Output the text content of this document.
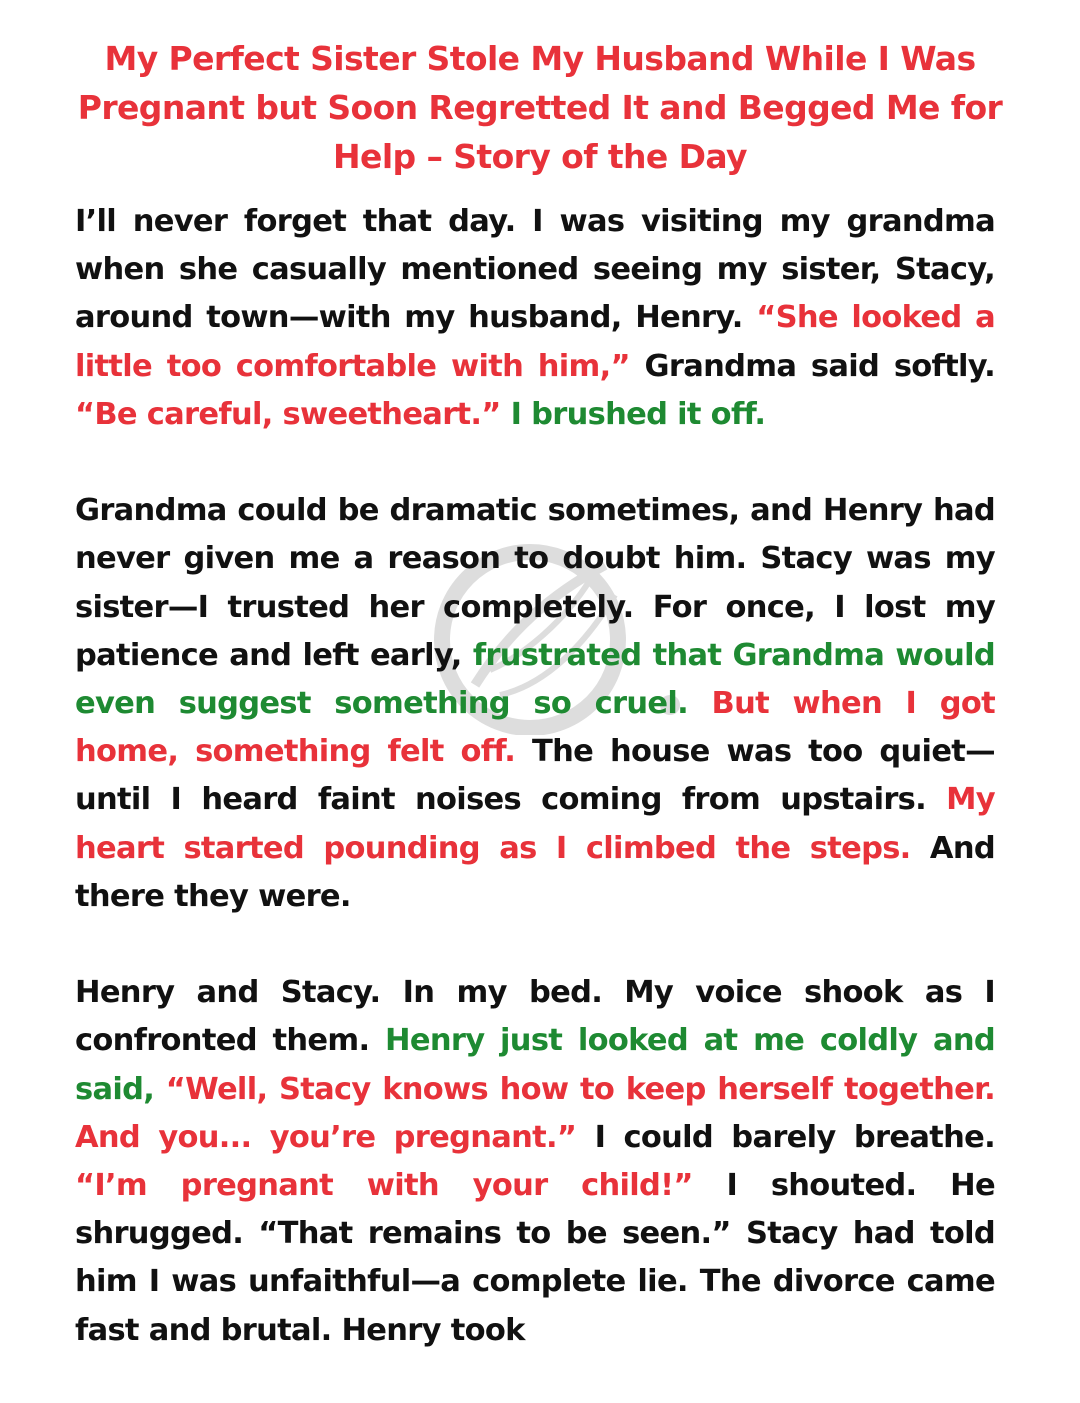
My Perfect Sister Stole My Husband While I Was Pregnant but Soon Regretted It and Begged Me for Help – Story of the Day

I’ll never forget that day. I was visiting my grandma when she casually mentioned seeing my sister, Stacy, around town—with my husband, Henry. “She looked a little too comfortable with him,” Grandma said softly. “Be careful, sweetheart.” I brushed it off.

Grandma could be dramatic sometimes, and Henry had never given me a reason to doubt him. Stacy was my sister—I trusted her completely. For once, I lost my patience and left early, frustrated that Grandma would even suggest something so cruel. But when I got home, something felt off. The house was too quiet—until I heard faint noises coming from upstairs. My heart started pounding as I climbed the steps. And there they were.

Henry and Stacy. In my bed. My voice shook as I confronted them. Henry just looked at me coldly and said, “Well, Stacy knows how to keep herself together. And you... you’re pregnant.” I could barely breathe. “I’m pregnant with your child!” I shouted. He shrugged. “That remains to be seen.” Stacy had told him I was unfaithful—a complete lie. The divorce came fast and brutal. Henry took
